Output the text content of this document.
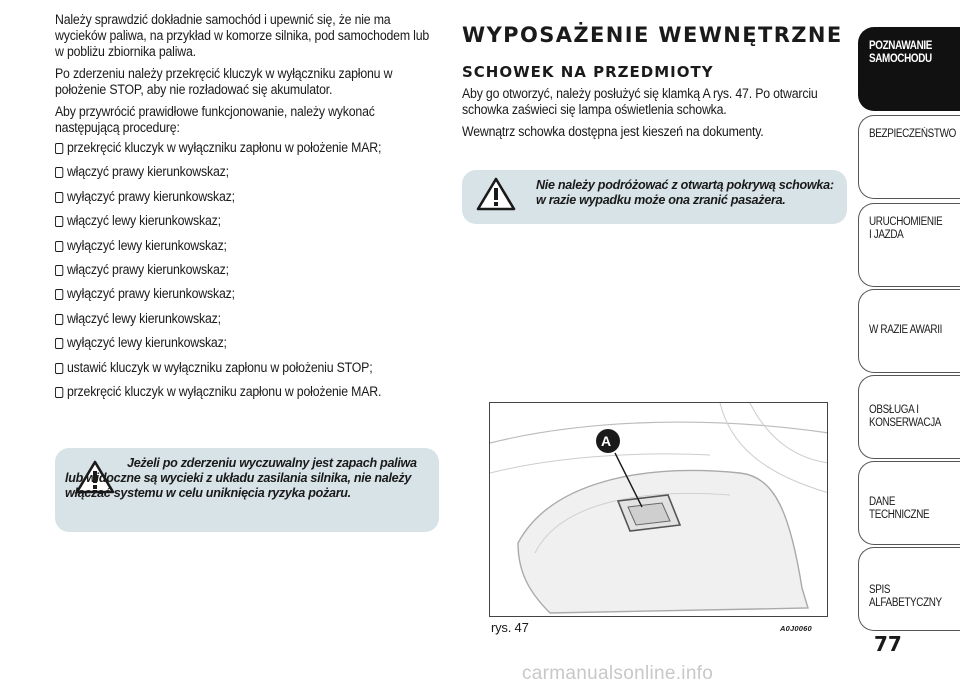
Należy sprawdzić dokładnie samochód i upewnić się, że nie ma wycieków paliwa, na przykład w komorze silnika, pod samochodem lub w pobliżu zbiornika paliwa.

Po zderzeniu należy przekręcić kluczyk w wyłączniku zapłonu w położenie STOP, aby nie rozładować się akumulator.

Aby przywrócić prawidłowe funkcjonowanie, należy wykonać następującą procedurę:

przekręcić kluczyk w wyłączniku zapłonu w położenie MAR;
włączyć prawy kierunkowskaz;
wyłączyć prawy kierunkowskaz;
włączyć lewy kierunkowskaz;
wyłączyć lewy kierunkowskaz;
włączyć prawy kierunkowskaz;
wyłączyć prawy kierunkowskaz;
włączyć lewy kierunkowskaz;
wyłączyć lewy kierunkowskaz;
ustawić kluczyk w wyłączniku zapłonu w położeniu STOP;
przekręcić kluczyk w wyłączniku zapłonu w położenie MAR.

Jeżeli po zderzeniu wyczuwalny jest zapach paliwa lub widoczne są wycieki z układu zasilania silnika, nie należy włączać systemu w celu uniknięcia ryzyka pożaru.

WYPOSAŻENIE WEWNĘTRZNE
SCHOWEK NA PRZEDMIOTY

Aby go otworzyć, należy posłużyć się klamką A rys. 47. Po otwarciu schowka zaświeci się lampa oświetlenia schowka.

Wewnątrz schowka dostępna jest kieszeń na dokumenty.

Nie należy podróżować z otwartą pokrywą schowka: w razie wypadku może ona zranić pasażera.

A
rys. 47	A0J0060
POZNAWANIE SAMOCHODU
BEZPIECZEŃSTWO
URUCHOMIENIE I JAZDA
W RAZIE AWARII
OBSŁUGA I KONSERWACJA
DANE TECHNICZNE
SPIS ALFABETYCZNY
77
carmanualsonline.info
